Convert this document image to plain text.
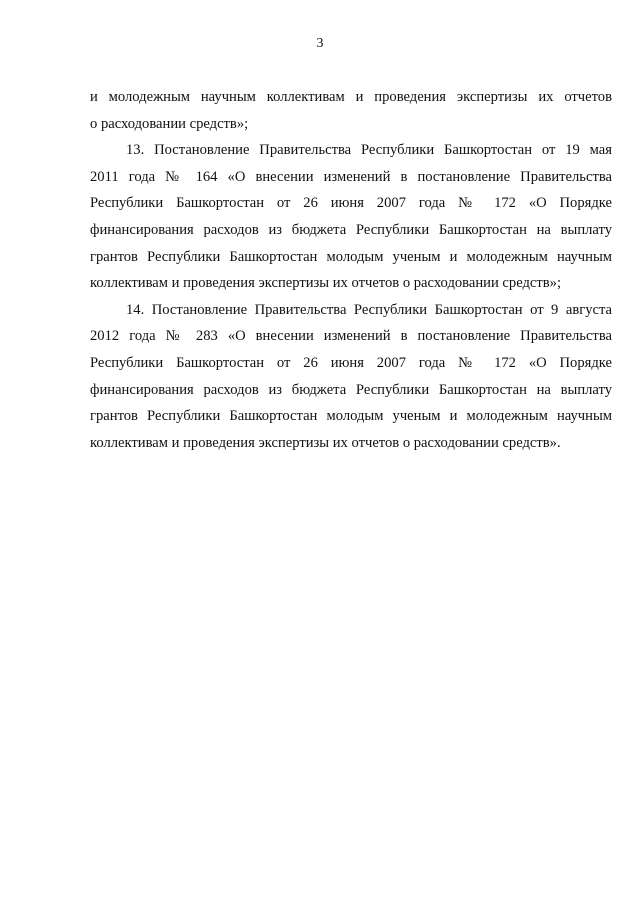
3

и молодежным научным коллективам и проведения экспертизы их отчетов
о расходовании средств»;

13. Постановление Правительства Республики Башкортостан от 19 мая
2011 года № 164 «О внесении изменений в постановление Правительства
Республики Башкортостан от 26 июня 2007 года № 172 «О Порядке
финансирования расходов из бюджета Республики Башкортостан на выплату
грантов Республики Башкортостан молодым ученым и молодежным научным
коллективам и проведения экспертизы их отчетов о расходовании средств»;

14. Постановление Правительства Республики Башкортостан от 9 августа
2012 года № 283 «О внесении изменений в постановление Правительства
Республики Башкортостан от 26 июня 2007 года № 172 «О Порядке
финансирования расходов из бюджета Республики Башкортостан на выплату
грантов Республики Башкортостан молодым ученым и молодежным научным
коллективам и проведения экспертизы их отчетов о расходовании средств».
